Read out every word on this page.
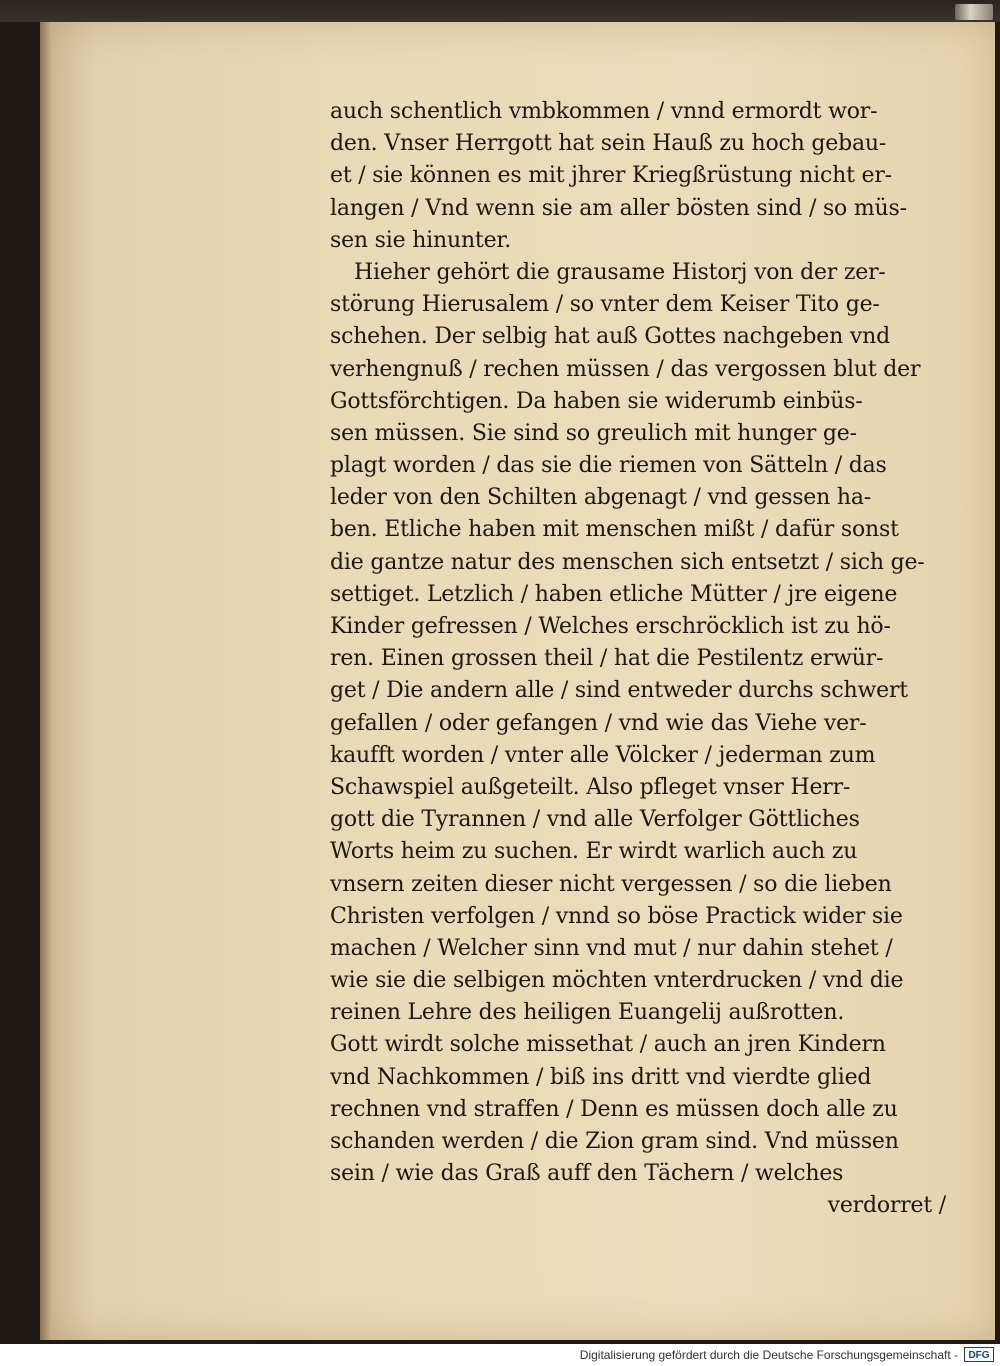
auch schentlich vmbkommen / vnnd ermordt wor-
den. Vnser Herrgott hat sein Hauß zu hoch gebau-
et / sie können es mit jhrer Kriegßrüstung nicht er-
langen / Vnd wenn sie am aller bösten sind / so müs-
sen sie hinunter.
Hieher gehört die grausame Historj von der zer-
störung Hierusalem / so vnter dem Keiser Tito ge-
schehen. Der selbig hat auß Gottes nachgeben vnd
verhengnuß / rechen müssen / das vergossen blut der
Gottsförchtigen. Da haben sie widerumb einbüs-
sen müssen. Sie sind so greulich mit hunger ge-
plagt worden / das sie die riemen von Sätteln / das
leder von den Schilten abgenagt / vnd gessen ha-
ben. Etliche haben mit menschen mißt / dafür sonst
die gantze natur des menschen sich entsetzt / sich ge-
settiget. Letzlich / haben etliche Mütter / jre eigene
Kinder gefressen / Welches erschröcklich ist zu hö-
ren. Einen grossen theil / hat die Pestilentz erwür-
get / Die andern alle / sind entweder durchs schwert
gefallen / oder gefangen / vnd wie das Viehe ver-
kaufft worden / vnter alle Völcker / jederman zum
Schawspiel außgeteilt. Also pfleget vnser Herr-
gott die Tyrannen / vnd alle Verfolger Göttliches
Worts heim zu suchen. Er wirdt warlich auch zu
vnsern zeiten dieser nicht vergessen / so die lieben
Christen verfolgen / vnnd so böse Practick wider sie
machen / Welcher sinn vnd mut / nur dahin stehet /
wie sie die selbigen möchten vnterdrucken / vnd die
reinen Lehre des heiligen Euangelij außrotten.
Gott wirdt solche missethat / auch an jren Kindern
vnd Nachkommen / biß ins dritt vnd vierdte glied
rechnen vnd straffen / Denn es müssen doch alle zu
schanden werden / die Zion gram sind. Vnd müssen
sein / wie das Graß auff den Tächern / welches
verdorret /
Digitalisierung gefördert durch die Deutsche Forschungsgemeinschaft -	DFG
